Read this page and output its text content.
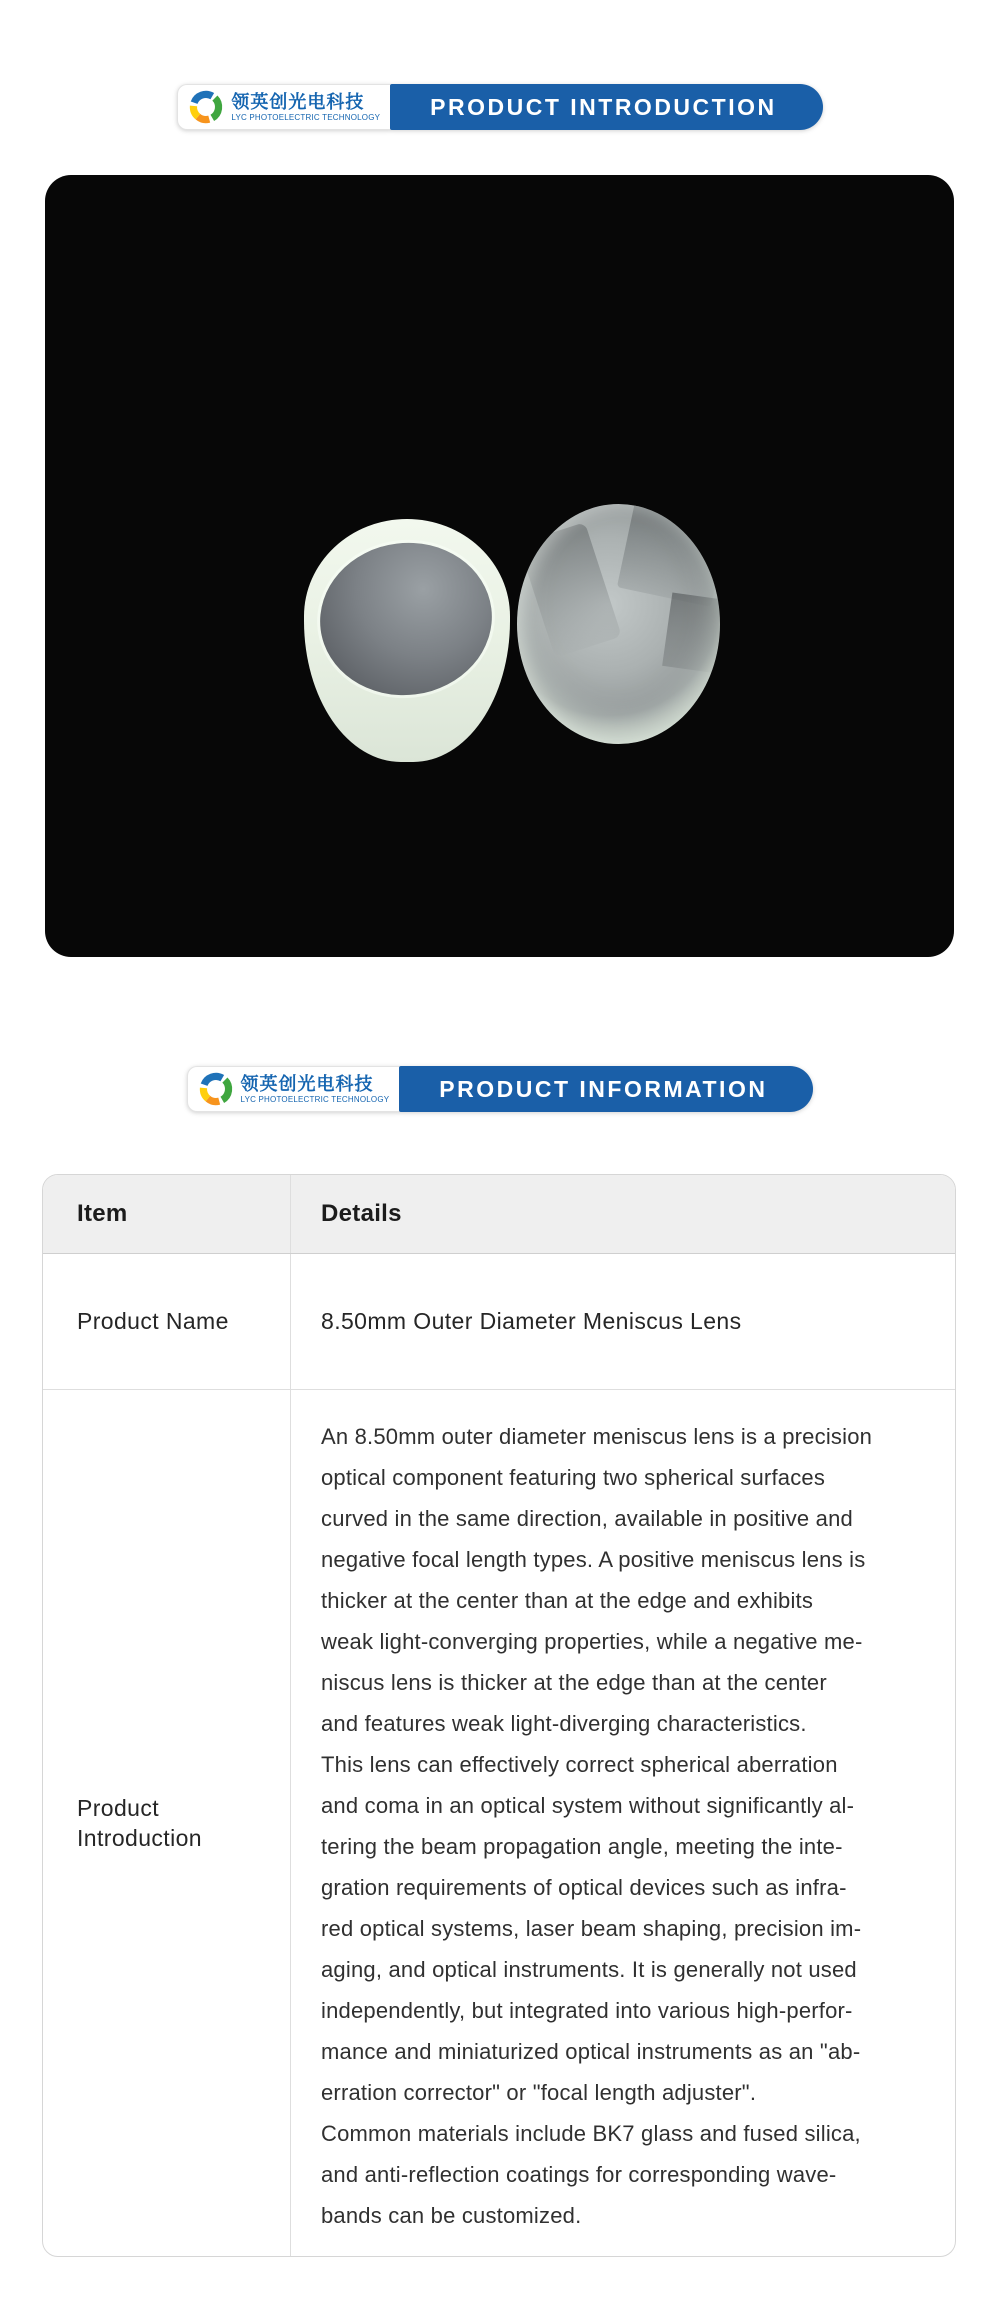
领英创光电科技
LYC PHOTOELECTRIC TECHNOLOGY	PRODUCT INTRODUCTION
领英创光电科技
LYC PHOTOELECTRIC TECHNOLOGY	PRODUCT INFORMATION
Item	Details
Product Name	8.50mm Outer Diameter Meniscus Lens
Product Introduction
An 8.50mm outer diameter meniscus lens is a precision
optical component featuring two spherical surfaces
curved in the same direction, available in positive and
negative focal length types. A positive meniscus lens is
thicker at the center than at the edge and exhibits
weak light-converging properties, while a negative me-
niscus lens is thicker at the edge than at the center
and features weak light-diverging characteristics.
This lens can effectively correct spherical aberration
and coma in an optical system without significantly al-
tering the beam propagation angle, meeting the inte-
gration requirements of optical devices such as infra-
red optical systems, laser beam shaping, precision im-
aging, and optical instruments. It is generally not used
independently, but integrated into various high-perfor-
mance and miniaturized optical instruments as an "ab-
erration corrector" or "focal length adjuster".
Common materials include BK7 glass and fused silica,
and anti-reflection coatings for corresponding wave-
bands can be customized.
